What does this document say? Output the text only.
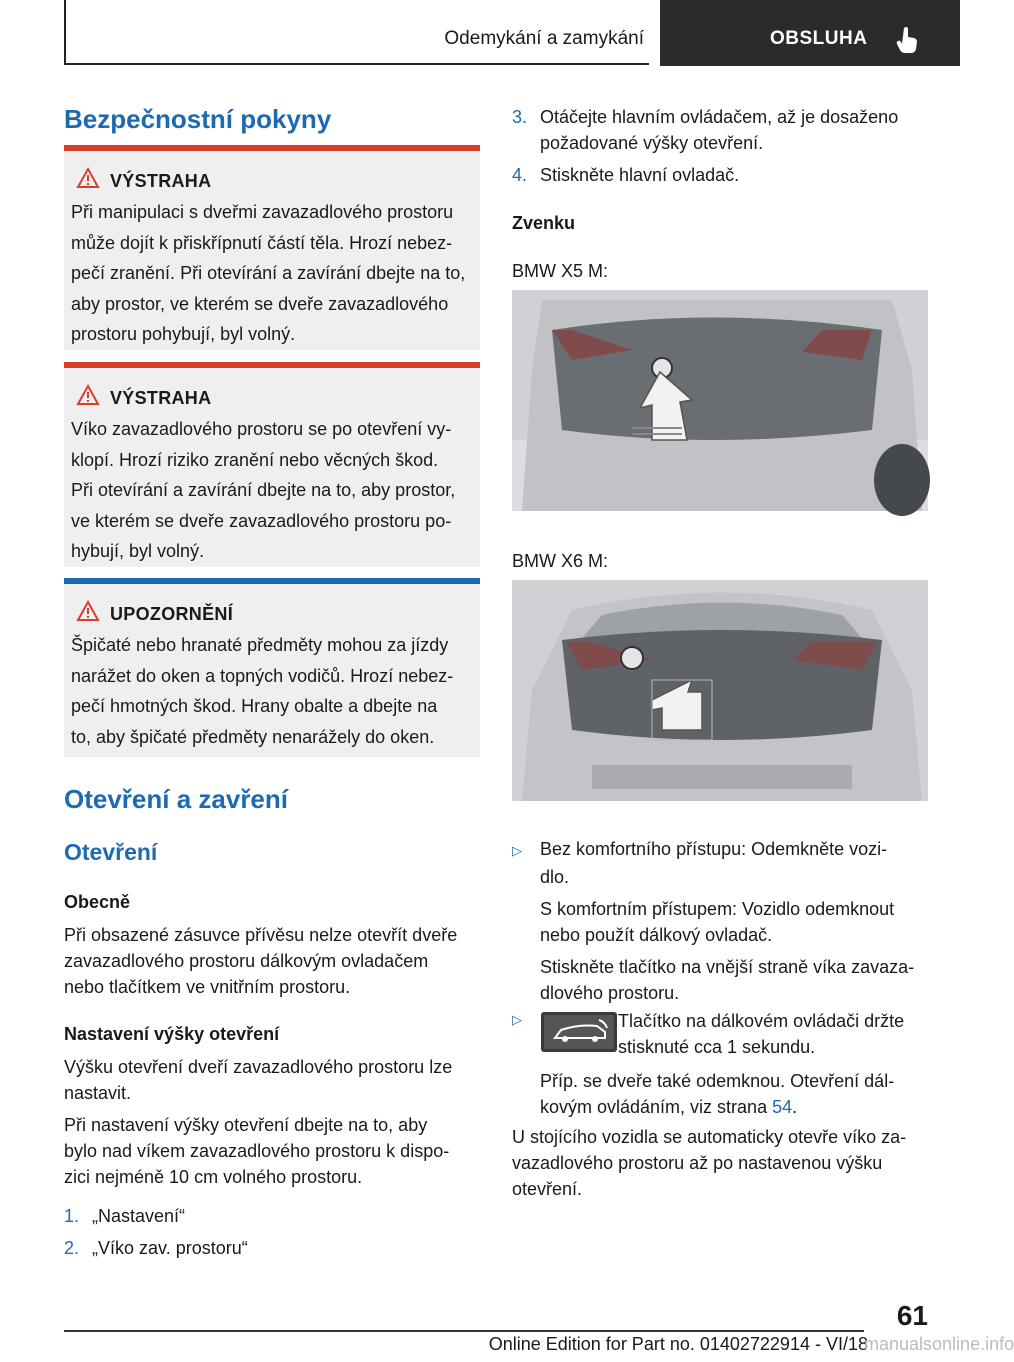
Odemykání a zamykání	OBSLUHA
Bezpečnostní pokyny
VÝSTRAHA
Při manipulaci s dveřmi zavazadlového prostoru
může dojít k přiskřípnutí částí těla. Hrozí nebez-
pečí zranění. Při otevírání a zavírání dbejte na to,
aby prostor, ve kterém se dveře zavazadlového
prostoru pohybují, byl volný.
VÝSTRAHA
Víko zavazadlového prostoru se po otevření vy-
klopí. Hrozí riziko zranění nebo věcných škod.
Při otevírání a zavírání dbejte na to, aby prostor,
ve kterém se dveře zavazadlového prostoru po-
hybují, byl volný.
UPOZORNĚNÍ
Špičaté nebo hranaté předměty mohou za jízdy
narážet do oken a topných vodičů. Hrozí nebez-
pečí hmotných škod. Hrany obalte a dbejte na
to, aby špičaté předměty nenarážely do oken.
Otevření a zavření
Otevření
Obecně
Při obsazené zásuvce přívěsu nelze otevřít dveře
zavazadlového prostoru dálkovým ovladačem
nebo tlačítkem ve vnitřním prostoru.
Nastavení výšky otevření
Výšku otevření dveří zavazadlového prostoru lze
nastavit.
Při nastavení výšky otevření dbejte na to, aby
bylo nad víkem zavazadlového prostoru k dispo-
zici nejméně 10 cm volného prostoru.
1. „Nastavení“
2. „Víko zav. prostoru“
3. Otáčejte hlavním ovládačem, až je dosaženo
požadované výšky otevření.
4. Stiskněte hlavní ovladač.
Zvenku
BMW X5 M:
BMW X6 M:
▷ Bez komfortního přístupu: Odemkněte vozi-
dlo.
S komfortním přístupem: Vozidlo odemknout
nebo použít dálkový ovladač.
Stiskněte tlačítko na vnější straně víka zavaza-
dlového prostoru.
▷	Tlačítko na dálkovém ovládači držte
stisknuté cca 1 sekundu.
Příp. se dveře také odemknou. Otevření dál-
kovým ovládáním, viz strana 54.
U stojícího vozidla se automaticky otevře víko za-
vazadlového prostoru až po nastavenou výšku
otevření.
61
Online Edition for Part no. 01402722914 - VI/18
manualsonline.info
